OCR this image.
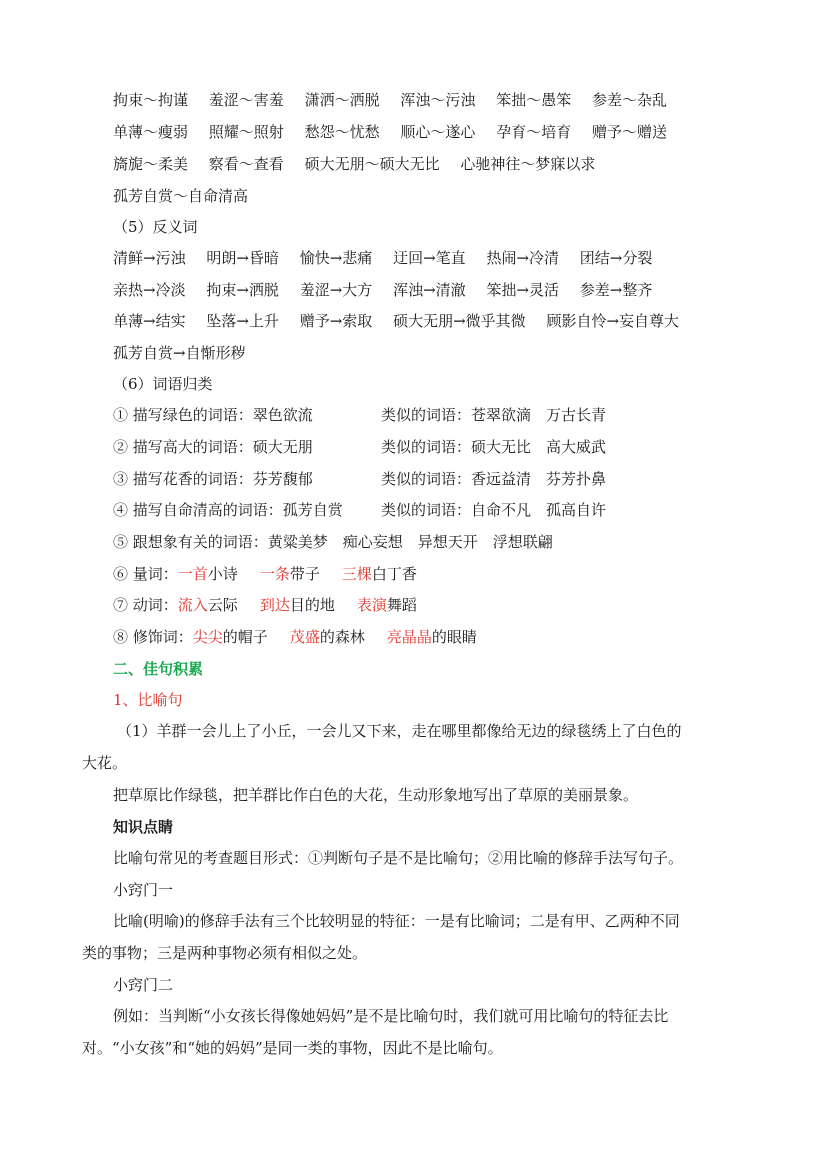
拘束～拘谨 羞涩～害羞 潇洒～洒脱 浑浊～污浊 笨拙～愚笨 参差～杂乱
单薄～瘦弱 照耀～照射 愁怨～忧愁 顺心～遂心 孕育～培育 赠予～赠送
旖旎～柔美 察看～查看 硕大无朋～硕大无比 心驰神往～梦寐以求
孤芳自赏～自命清高
（5）反义词
清鲜→污浊 明朗→昏暗 愉快→悲痛 迂回→笔直 热闹→冷清 团结→分裂
亲热→冷淡 拘束→洒脱 羞涩→大方 浑浊→清澈 笨拙→灵活 参差→整齐
单薄→结实 坠落→上升 赠予→索取 硕大无朋→微乎其微 顾影自怜→妄自尊大
孤芳自赏→自惭形秽
（6）词语归类
① 描写绿色的词语：翠色欲流	类似的词语：苍翠欲滴　万古长青
② 描写高大的词语：硕大无朋	类似的词语：硕大无比　高大威武
③ 描写花香的词语：芬芳馥郁	类似的词语：香远益清　芬芳扑鼻
④ 描写自命清高的词语：孤芳自赏	类似的词语：自命不凡　孤高自许
⑤ 跟想象有关的词语：黄粱美梦　痴心妄想　异想天开　浮想联翩
⑥ 量词：一首小诗 一条带子 三棵白丁香
⑦ 动词：流入云际 到达目的地 表演舞蹈
⑧ 修饰词：尖尖的帽子 茂盛的森林 亮晶晶的眼睛
二、佳句积累
1、比喻句
（1）羊群一会儿上了小丘，一会儿又下来，走在哪里都像给无边的绿毯绣上了白色的
大花。
把草原比作绿毯，把羊群比作白色的大花，生动形象地写出了草原的美丽景象。
知识点睛
比喻句常见的考查题目形式：①判断句子是不是比喻句；②用比喻的修辞手法写句子。
小窍门一
比喻(明喻)的修辞手法有三个比较明显的特征：一是有比喻词；二是有甲、乙两种不同
类的事物；三是两种事物必须有相似之处。
小窍门二
例如：当判断“小女孩长得像她妈妈”是不是比喻句时，我们就可用比喻句的特征去比
对。“小女孩”和“她的妈妈”是同一类的事物，因此不是比喻句。
